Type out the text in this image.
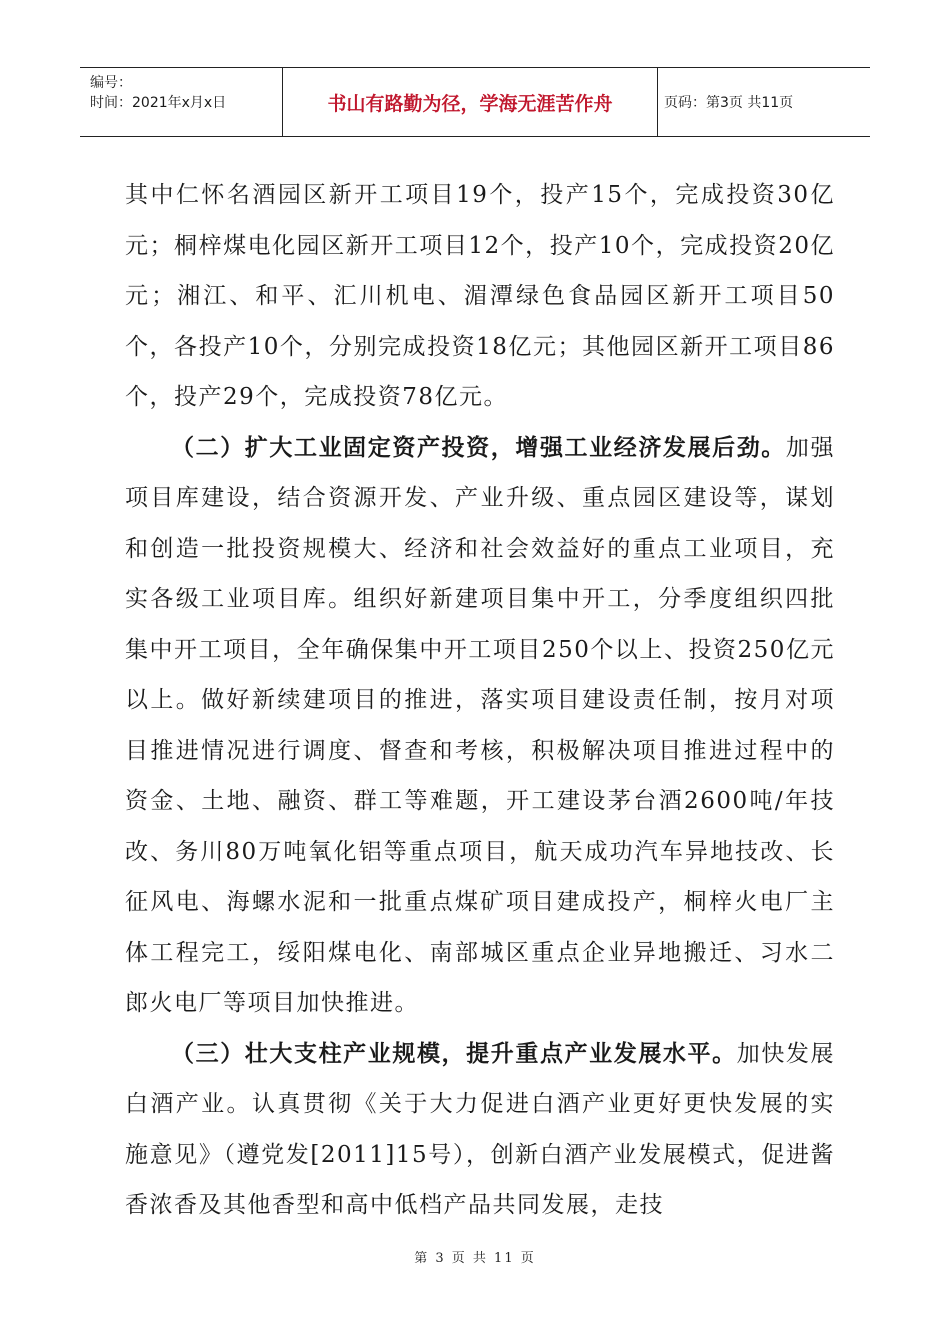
编号：
时间：2021年x月x日	书山有路勤为径，学海无涯苦作舟	页码：第3页 共11页

其中仁怀名酒园区新开工项目19个，投产15个，完成投资30亿元；桐梓煤电化园区新开工项目12个，投产10个，完成投资20亿元；湘江、和平、汇川机电、湄潭绿色食品园区新开工项目50个，各投产10个，分别完成投资18亿元；其他园区新开工项目86个，投产29个，完成投资78亿元。

（二）扩大工业固定资产投资，增强工业经济发展后劲。加强项目库建设，结合资源开发、产业升级、重点园区建设等，谋划和创造一批投资规模大、经济和社会效益好的重点工业项目，充实各级工业项目库。组织好新建项目集中开工，分季度组织四批集中开工项目，全年确保集中开工项目250个以上、投资250亿元以上。做好新续建项目的推进，落实项目建设责任制，按月对项目推进情况进行调度、督查和考核，积极解决项目推进过程中的资金、土地、融资、群工等难题，开工建设茅台酒2600吨/年技改、务川80万吨氧化铝等重点项目，航天成功汽车异地技改、长征风电、海螺水泥和一批重点煤矿项目建成投产，桐梓火电厂主体工程完工，绥阳煤电化、南部城区重点企业异地搬迁、习水二郎火电厂等项目加快推进。

（三）壮大支柱产业规模，提升重点产业发展水平。加快发展白酒产业。认真贯彻《关于大力促进白酒产业更好更快发展的实施意见》（遵党发[2011]15号），创新白酒产业发展模式，促进酱香浓香及其他香型和高中低档产品共同发展，走技

第 3 页 共 11 页
